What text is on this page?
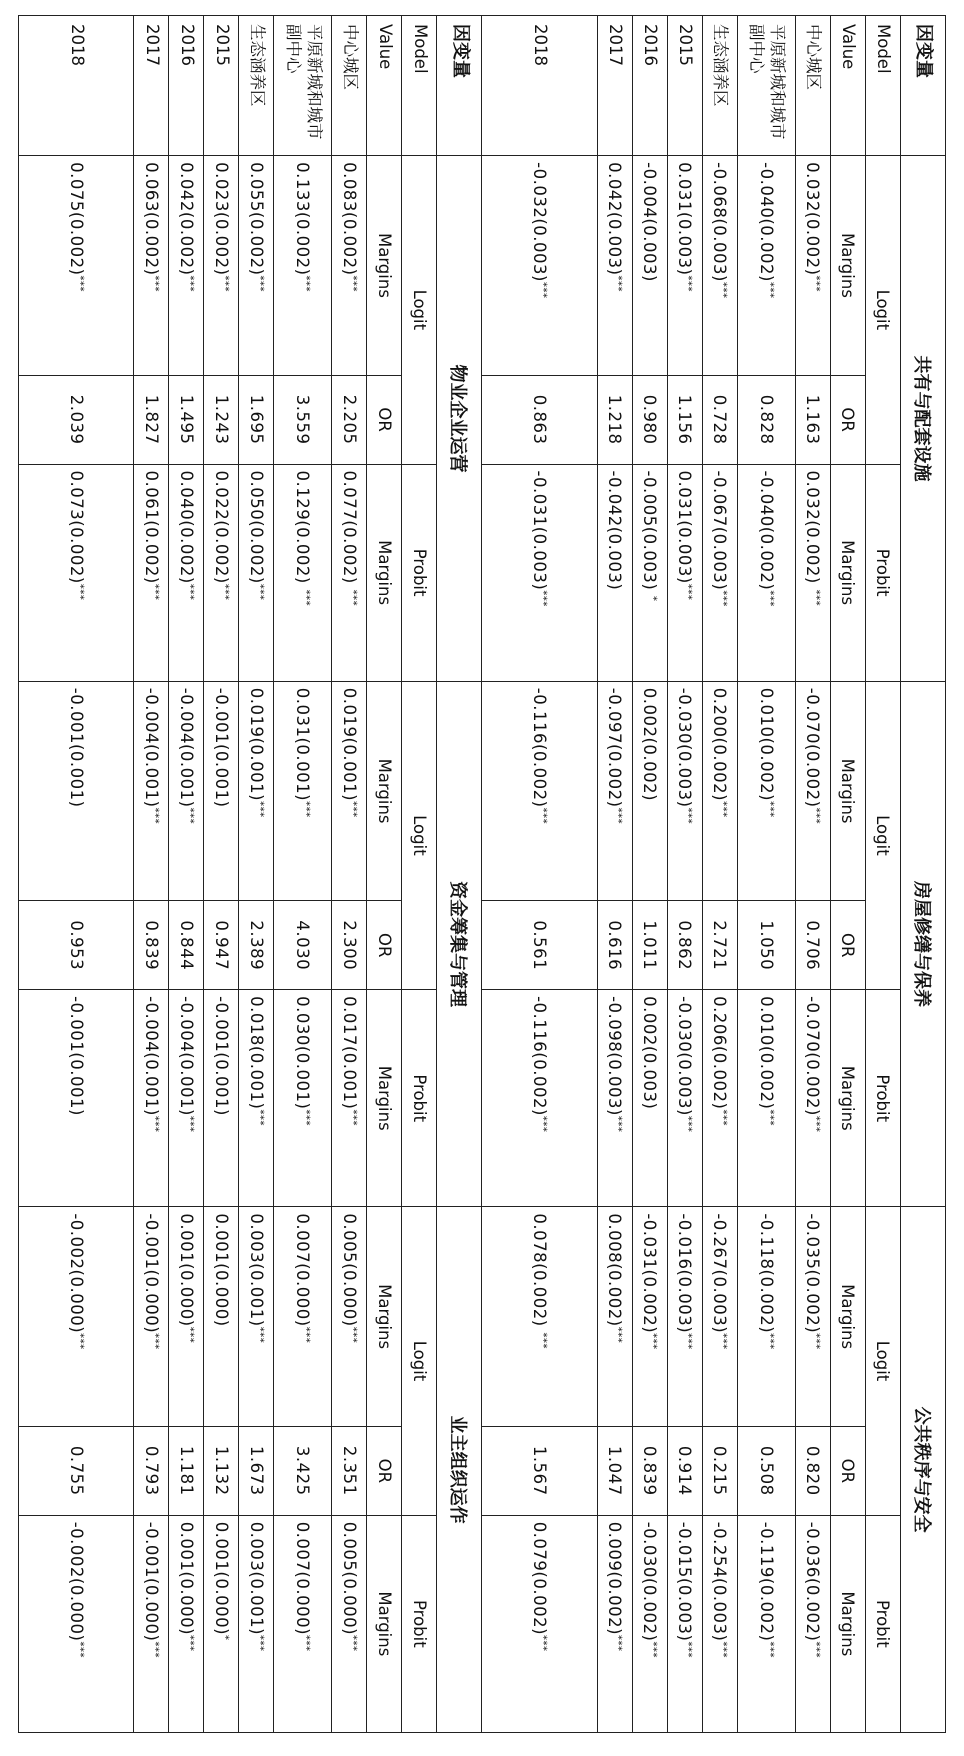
因变量	共有与配套设施			房屋修缮与保养			公共秩序与安全		
Model	Logit		Probit	Logit		Probit	Logit		Probit
Value	Margins	OR	Margins	Margins	OR	Margins	Margins	OR	Margins
中心城区	0.032(0.002)***	1.163	0.032(0.002) ***	-0.070(0.002)***	0.706	-0.070(0.002)***	-0.035(0.002)***	0.820	-0.036(0.002)***
平原新城和城市副中心	-0.040(0.002)***	0.828	-0.040(0.002)***	0.010(0.002)***	1.050	0.010(0.002)***	-0.118(0.002)***	0.508	-0.119(0.002)***
生态涵养区	-0.068(0.003)***	0.728	-0.067(0.003)***	0.200(0.002)***	2.721	0.206(0.002)***	-0.267(0.003)***	0.215	-0.254(0.003)***
2015	0.031(0.003)***	1.156	0.031(0.003)***	-0.030(0.003)***	0.862	-0.030(0.003)***	-0.016(0.003)***	0.914	-0.015(0.003)***
2016	-0.004(0.003)	0.980	-0.005(0.003) *	0.002(0.002)	1.011	0.002(0.003)	-0.031(0.002)***	0.839	-0.030(0.002)***
2017	0.042(0.003)***	1.218	-0.042(0.003)	-0.097(0.002)***	0.616	-0.098(0.003)***	0.008(0.002)***	1.047	0.009(0.002)***
2018	-0.032(0.003)***	0.863	-0.031(0.003)***	-0.116(0.002)***	0.561	-0.116(0.002)***	0.078(0.002) ***	1.567	0.079(0.002)***
因变量	物业企业运营			资金筹集与管理			业主组织运作		
Model	Logit		Probit	Logit		Probit	Logit		Probit
Value	Margins	OR	Margins	Margins	OR	Margins	Margins	OR	Margins
中心城区	0.083(0.002)***	2.205	0.077(0.002) ***	0.019(0.001)***	2.300	0.017(0.001)***	0.005(0.000)***	2.351	0.005(0.000)***
平原新城和城市副中心	0.133(0.002)***	3.559	0.129(0.002) ***	0.031(0.001)***	4.030	0.030(0.001)***	0.007(0.000)***	3.425	0.007(0.000)***
生态涵养区	0.055(0.002)***	1.695	0.050(0.002)***	0.019(0.001)***	2.389	0.018(0.001)***	0.003(0.001)***	1.673	0.003(0.001)***
2015	0.023(0.002)***	1.243	0.022(0.002)***	-0.001(0.001)	0.947	-0.001(0.001)	0.001(0.000)	1.132	0.001(0.000)*
2016	0.042(0.002)***	1.495	0.040(0.002)***	-0.004(0.001)***	0.844	-0.004(0.001)***	0.001(0.000)***	1.181	0.001(0.000)***
2017	0.063(0.002)***	1.827	0.061(0.002)***	-0.004(0.001)***	0.839	-0.004(0.001)***	-0.001(0.000)***	0.793	-0.001(0.000)***
2018	0.075(0.002)***	2.039	0.073(0.002)***	-0.001(0.001)	0.953	-0.001(0.001)	-0.002(0.000)***	0.755	-0.002(0.000)***
